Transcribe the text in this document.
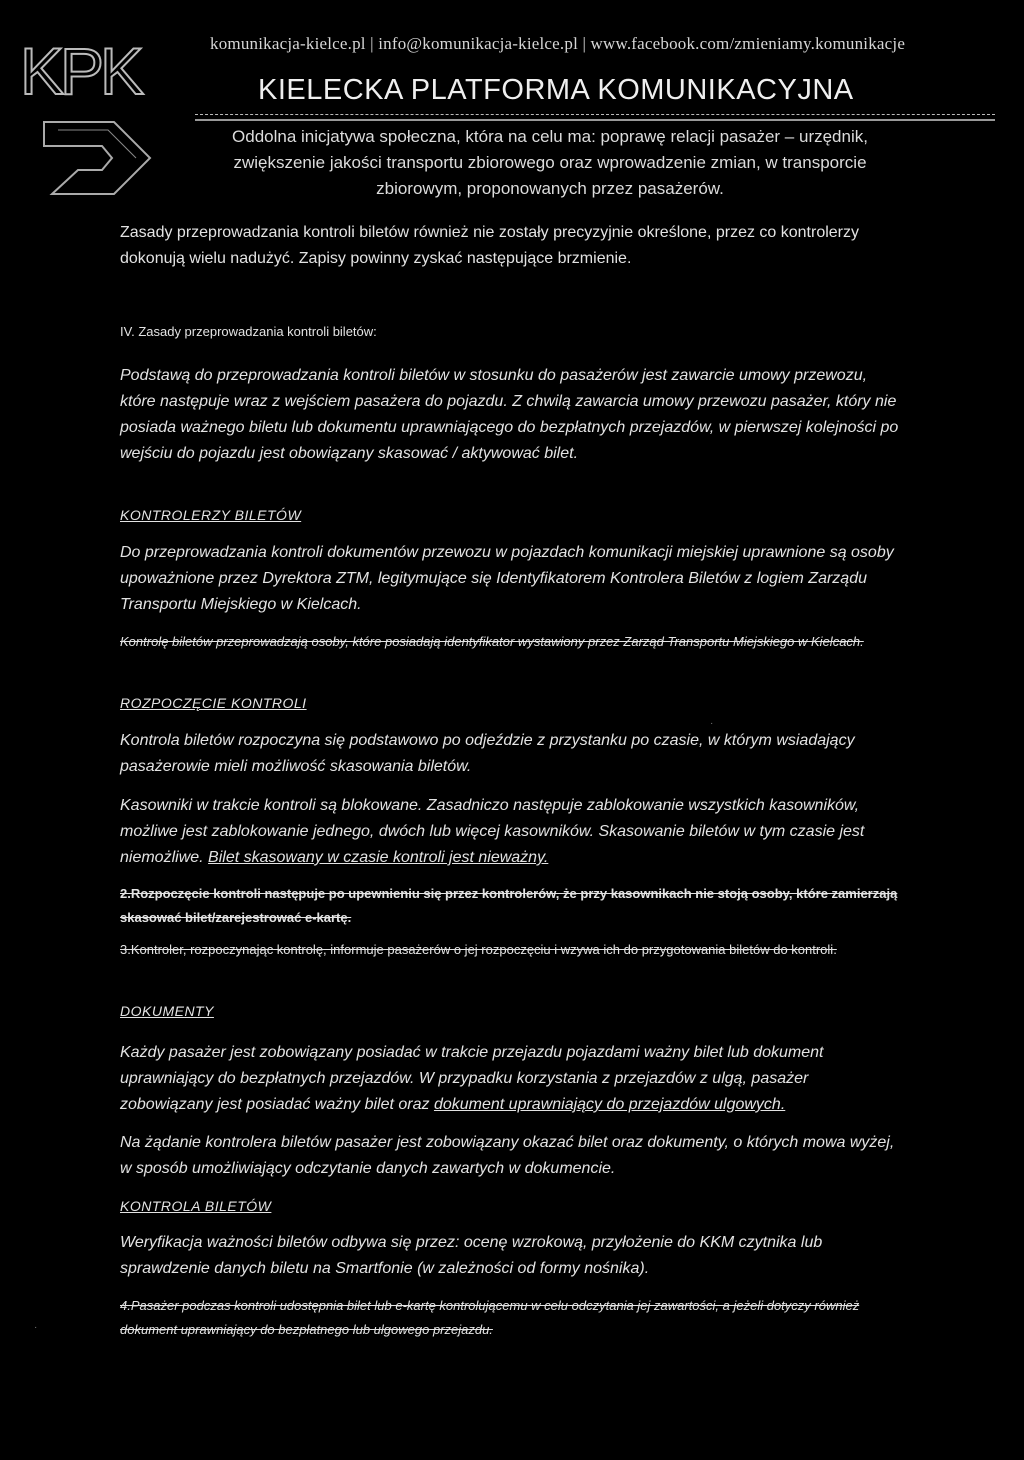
KPK	komunikacja-kielce.pl | info@komunikacja-kielce.pl | www.facebook.com/zmieniamy.komunikacje
KIELECKA PLATFORMA KOMUNIKACYJNA
Oddolna inicjatywa społeczna, która na celu ma: poprawę relacji pasażer – urzędnik, zwiększenie jakości transportu zbiorowego oraz wprowadzenie zmian, w transporcie zbiorowym, proponowanych przez pasażerów.
Zasady przeprowadzania kontroli biletów również nie zostały precyzyjnie określone, przez co kontrolerzy dokonują wielu nadużyć. Zapisy powinny zyskać następujące brzmienie.
IV. Zasady przeprowadzania kontroli biletów:
Podstawą do przeprowadzania kontroli biletów w stosunku do pasażerów jest zawarcie umowy przewozu, które następuje wraz z wejściem pasażera do pojazdu. Z chwilą zawarcia umowy przewozu pasażer, który nie posiada ważnego biletu lub dokumentu uprawniającego do bezpłatnych przejazdów, w pierwszej kolejności po wejściu do pojazdu jest obowiązany skasować / aktywować bilet.
KONTROLERZY BILETÓW
Do przeprowadzania kontroli dokumentów przewozu w pojazdach komunikacji miejskiej uprawnione są osoby upoważnione przez Dyrektora ZTM, legitymujące się Identyfikatorem Kontrolera Biletów z logiem Zarządu Transportu Miejskiego w Kielcach.
Kontrolę biletów przeprowadzają osoby, które posiadają identyfikator wystawiony przez Zarząd Transportu Miejskiego w Kielcach.
ROZPOCZĘCIE KONTROLI
Kontrola biletów rozpoczyna się podstawowo po odjeździe z przystanku po czasie, w którym wsiadający pasażerowie mieli możliwość skasowania biletów.
Kasowniki w trakcie kontroli są blokowane. Zasadniczo następuje zablokowanie wszystkich kasowników, możliwe jest zablokowanie jednego, dwóch lub więcej kasowników. Skasowanie biletów w tym czasie jest niemożliwe. Bilet skasowany w czasie kontroli jest nieważny.
2.Rozpoczęcie kontroli następuje po upewnieniu się przez kontrolerów, że przy kasownikach nie stoją osoby, które zamierzają skasować bilet/zarejestrować e-kartę.
3.Kontroler, rozpoczynając kontrolę, informuje pasażerów o jej rozpoczęciu i wzywa ich do przygotowania biletów do kontroli.
DOKUMENTY
Każdy pasażer jest zobowiązany posiadać w trakcie przejazdu pojazdami ważny bilet lub dokument uprawniający do bezpłatnych przejazdów. W przypadku korzystania z przejazdów z ulgą, pasażer zobowiązany jest posiadać ważny bilet oraz dokument uprawniający do przejazdów ulgowych.
Na żądanie kontrolera biletów pasażer jest zobowiązany okazać bilet oraz dokumenty, o których mowa wyżej, w sposób umożliwiający odczytanie danych zawartych w dokumencie.
KONTROLA BILETÓW
Weryfikacja ważności biletów odbywa się przez: ocenę wzrokową, przyłożenie do KKM czytnika lub sprawdzenie danych biletu na Smartfonie (w zależności od formy nośnika).
4.Pasażer podczas kontroli udostępnia bilet lub e-kartę kontrolującemu w celu odczytania jej zawartości, a jeżeli dotyczy również dokument uprawniający do bezpłatnego lub ulgowego przejazdu.
·
·
